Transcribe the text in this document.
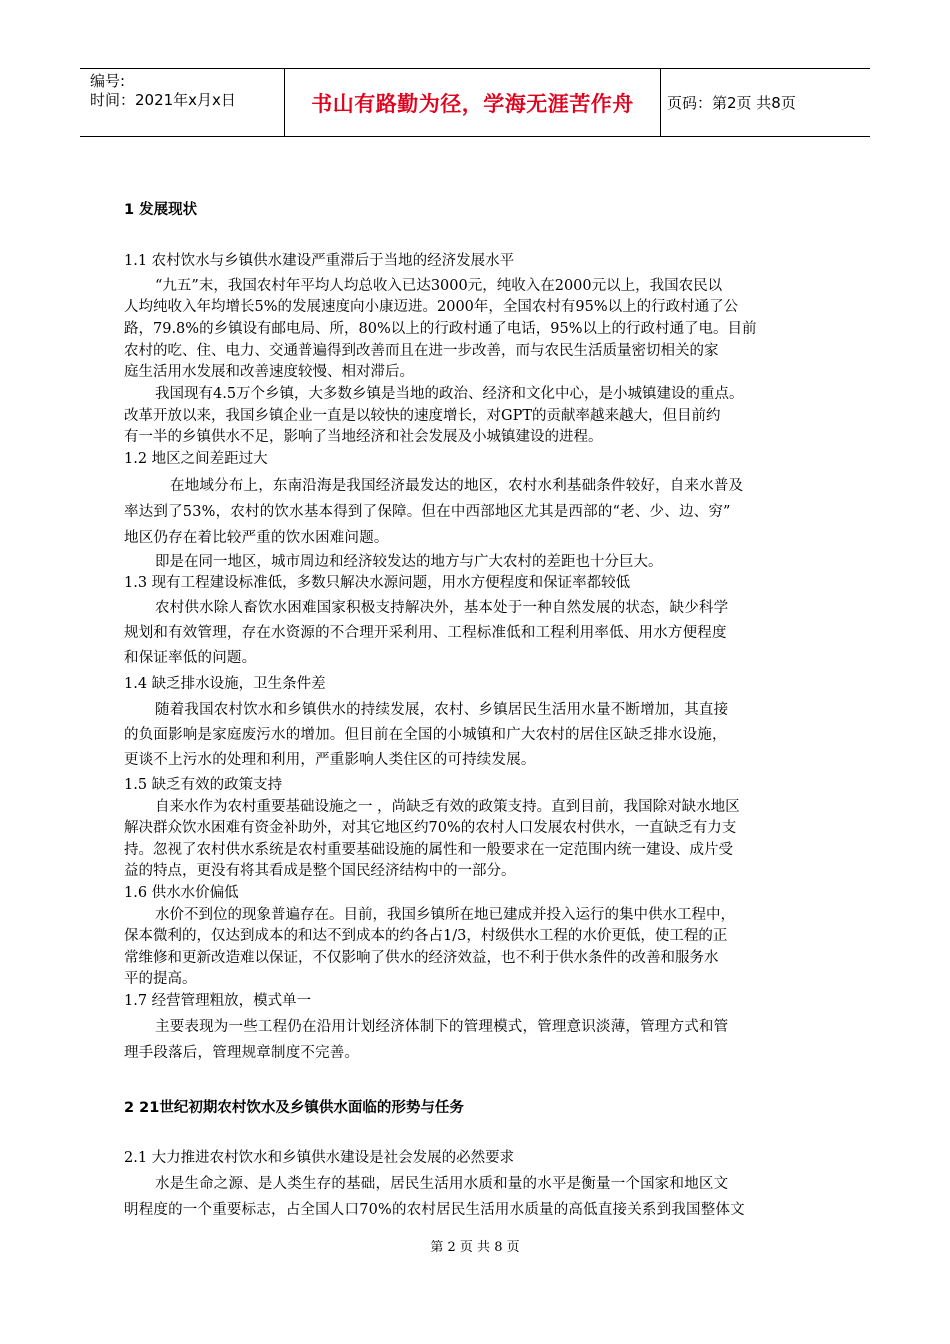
编号:
时间：2021年x月x日	书山有路勤为径，学海无涯苦作舟	页码：第2页 共8页
1 发展现状
1.1 农村饮水与乡镇供水建设严重滞后于当地的经济发展水平
“九五”末，我国农村年平均人均总收入已达3000元，纯收入在2000元以上，我国农民以
人均纯收入年均增长5%的发展速度向小康迈进。2000年，全国农村有95%以上的行政村通了公
路，79.8%的乡镇设有邮电局、所，80%以上的行政村通了电话，95%以上的行政村通了电。目前
农村的吃、住、电力、交通普遍得到改善而且在进一步改善，而与农民生活质量密切相关的家
庭生活用水发展和改善速度较慢、相对滞后。
我国现有4.5万个乡镇，大多数乡镇是当地的政治、经济和文化中心，是小城镇建设的重点。
改革开放以来，我国乡镇企业一直是以较快的速度增长，对GPT的贡献率越来越大，但目前约
有一半的乡镇供水不足，影响了当地经济和社会发展及小城镇建设的进程。
1.2 地区之间差距过大
在地域分布上，东南沿海是我国经济最发达的地区，农村水利基础条件较好，自来水普及
率达到了53%，农村的饮水基本得到了保障。但在中西部地区尤其是西部的“老、少、边、穷”
地区仍存在着比较严重的饮水困难问题。
即是在同一地区，城市周边和经济较发达的地方与广大农村的差距也十分巨大。
1.3 现有工程建设标准低，多数只解决水源问题，用水方便程度和保证率都较低
农村供水除人畜饮水困难国家积极支持解决外，基本处于一种自然发展的状态，缺少科学
规划和有效管理，存在水资源的不合理开采利用、工程标准低和工程利用率低、用水方便程度
和保证率低的问题。
1.4 缺乏排水设施，卫生条件差
随着我国农村饮水和乡镇供水的持续发展，农村、乡镇居民生活用水量不断增加，其直接
的负面影响是家庭废污水的增加。但目前在全国的小城镇和广大农村的居住区缺乏排水设施，
更谈不上污水的处理和利用，严重影响人类住区的可持续发展。
1.5 缺乏有效的政策支持
自来水作为农村重要基础设施之一 ，尚缺乏有效的政策支持。直到目前，我国除对缺水地区
解决群众饮水困难有资金补助外，对其它地区约70%的农村人口发展农村供水，一直缺乏有力支
持。忽视了农村供水系统是农村重要基础设施的属性和一般要求在一定范围内统一建设、成片受
益的特点，更没有将其看成是整个国民经济结构中的一部分。
1.6 供水水价偏低
水价不到位的现象普遍存在。目前，我国乡镇所在地已建成并投入运行的集中供水工程中，
保本微利的，仅达到成本的和达不到成本的约各占1/3，村级供水工程的水价更低，使工程的正
常维修和更新改造难以保证，不仅影响了供水的经济效益，也不利于供水条件的改善和服务水
平的提高。
1.7 经营管理粗放，模式单一
主要表现为一些工程仍在沿用计划经济体制下的管理模式，管理意识淡薄，管理方式和管
理手段落后，管理规章制度不完善。
2 21世纪初期农村饮水及乡镇供水面临的形势与任务
2.1 大力推进农村饮水和乡镇供水建设是社会发展的必然要求
水是生命之源、是人类生存的基础，居民生活用水质和量的水平是衡量一个国家和地区文
明程度的一个重要标志，占全国人口70%的农村居民生活用水质量的高低直接关系到我国整体文
第 2 页 共 8 页
